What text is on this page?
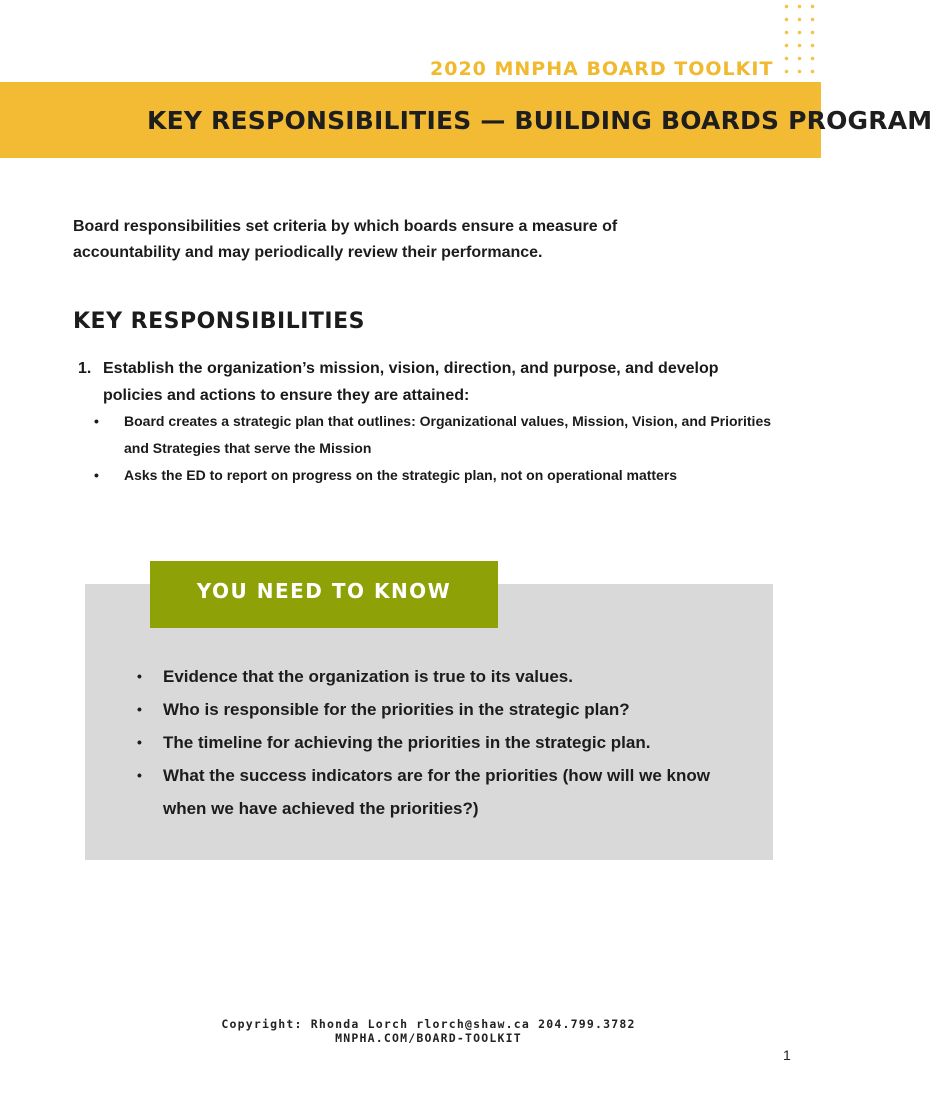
2020 MNPHA BOARD TOOLKIT
KEY RESPONSIBILITIES — BUILDING BOARDS PROGRAM
Board responsibilities set criteria by which boards ensure a measure of accountability and may periodically review their performance.
KEY RESPONSIBILITIES
1. Establish the organization’s mission, vision, direction, and purpose, and develop policies and actions to ensure they are attained:
• Board creates a strategic plan that outlines: Organizational values, Mission, Vision, and Priorities and Strategies that serve the Mission
• Asks the ED to report on progress on the strategic plan, not on operational matters
YOU NEED TO KNOW
• Evidence that the organization is true to its values.
• Who is responsible for the priorities in the strategic plan?
• The timeline for achieving the priorities in the strategic plan.
• What the success indicators are for the priorities (how will we know when we have achieved the priorities?)
Copyright: Rhonda Lorch rlorch@shaw.ca 204.799.3782
MNPHA.COM/BOARD-TOOLKIT
1
